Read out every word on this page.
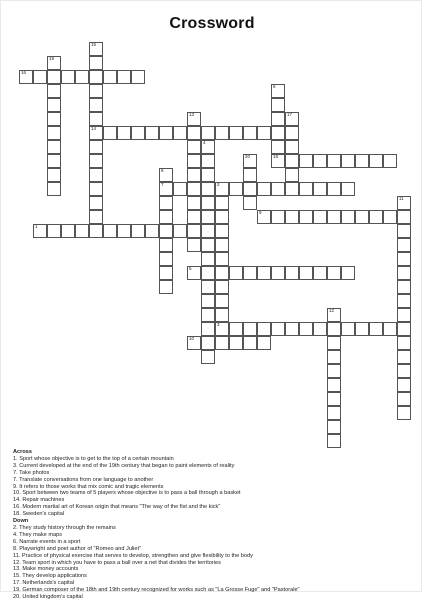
Crossword
15
14
16
19
6
18
13	17
4
20
8
7	2
11
9
1
5
12
3
10
Across
1. Sport whose objective is to get to the top of a certain mountain
3. Current developed at the end of the 19th century that began to paint elements of reality
7. Take photos
7. Translate conversations from one language to another
9. It refers to those works that mix comic and tragic elements
10. Sport between two teams of 5 players whose objective is to pass a ball through a basket
14. Repair machines
16. Modern martial art of Korean origin that means "The way of the fist and the kick"
18. Sweden's capital
Down
2. They study history through the remains
4. They make maps
6. Narrate events in a sport
8. Playwright and poet author of "Romeo and Juliet"
11. Practice of physical exercise that serves to develop, strengthen and give flexibility to the body
12. Team sport in which you have to pass a ball over a net that divides the territories
13. Make money accounts
15. They develop applications
17. Netherlands's capital
19. German composer of the 18th and 19th century recognized for works such as "La Grosse Fuge" and "Pastorale"
20. United kingdom's capital
